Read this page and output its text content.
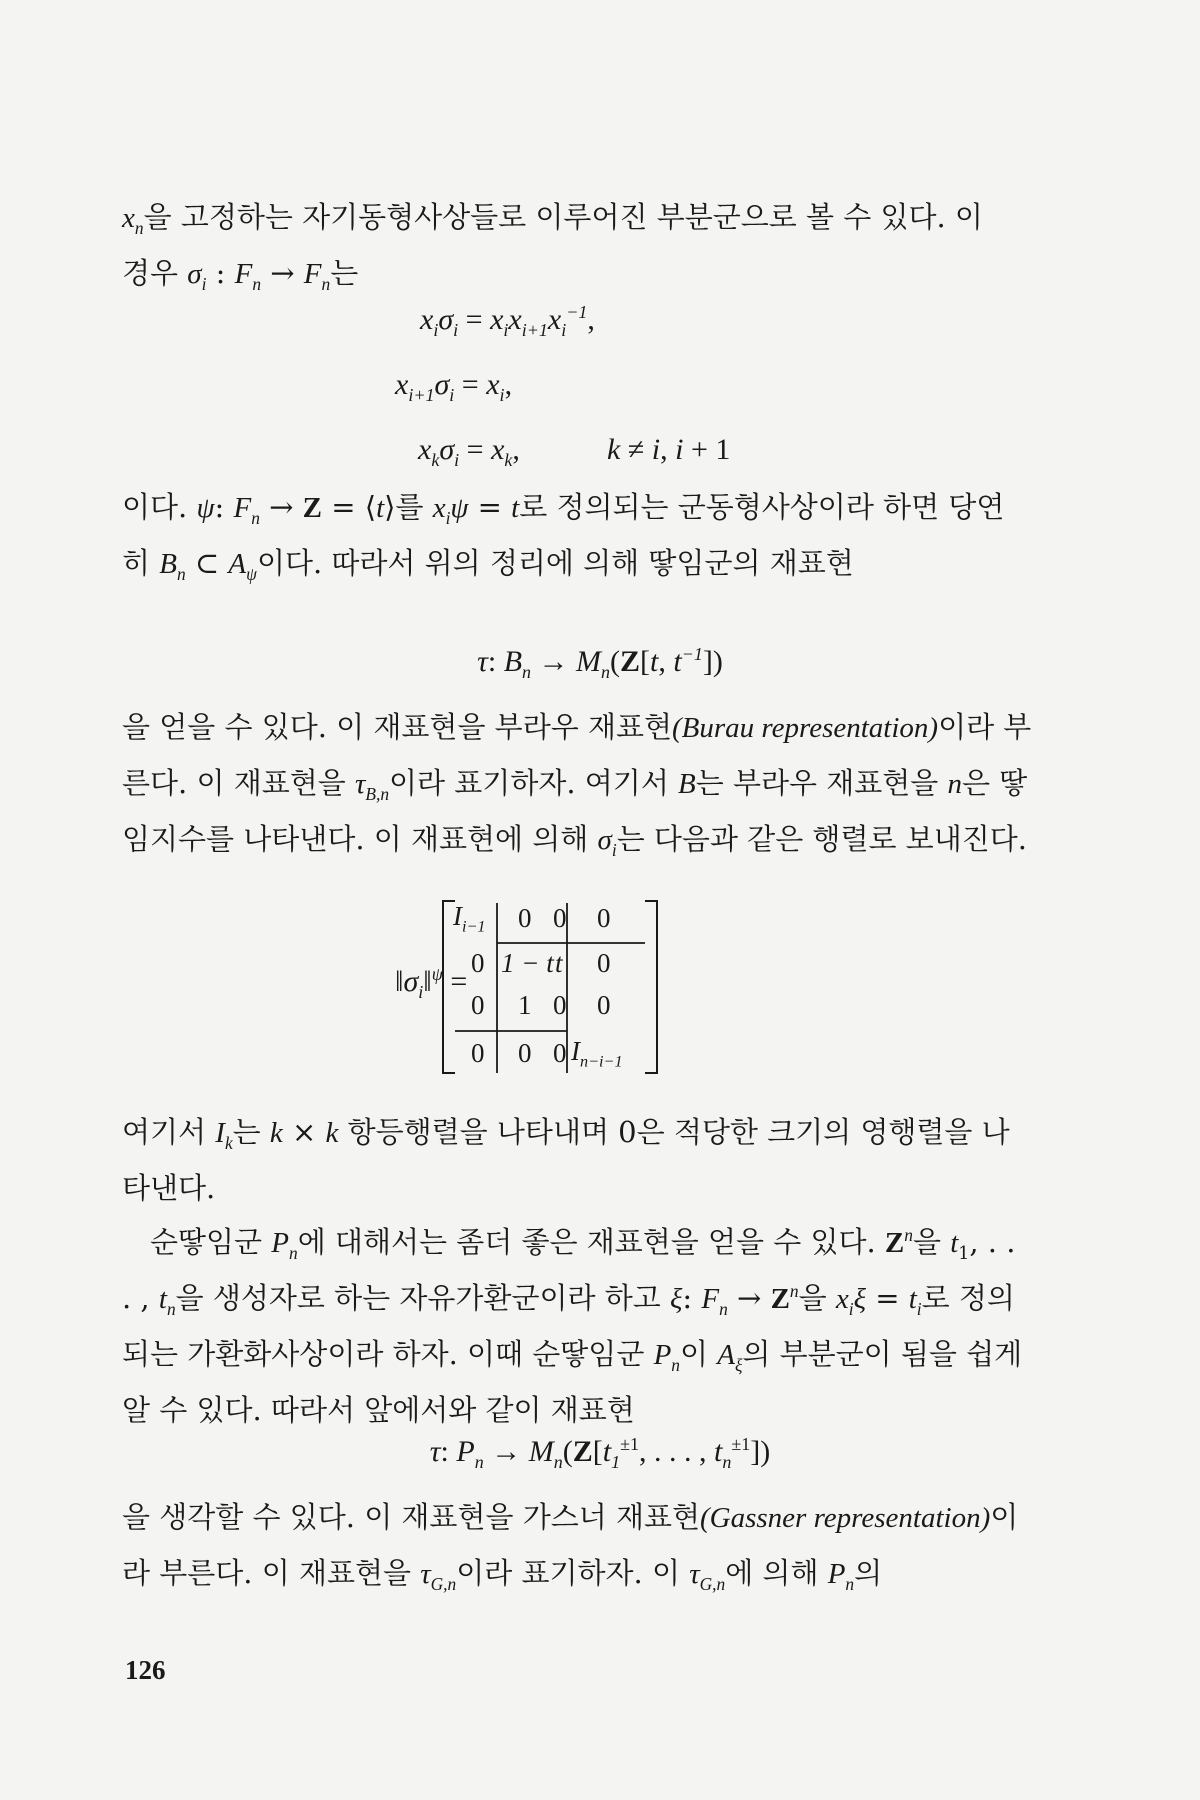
$x_n$을 고정하는 자기동형사상들로 이루어진 부분군으로 볼 수 있다. 이
경우 $\sigma_i$ : $F_n \to F_n$는

$x_i\sigma_i = x_ix_{i+1}x_i^{-1}$,
$x_{i+1}\sigma_i = x_i$,
$x_k\sigma_i = x_k$,	k ≠ i, i + 1

이다. ψ: $F_n \to Z$ = ⟨t⟩를 $x_i\psi = t$로 정의되는 군동형사상이라 하면 당연히 $B_n$ ⊂ $A_\psi$이다. 따라서 위의 정리에 의해 땋임군의 재표현

τ: $B_n \to M_n(Z[t$, $t^{-1}$])

을 얻을 수 있다. 이 재표현을 부라우 재표현(Burau representation)이라 부른다. 이 재표현을 $\tau_{B,n}$이라 표기하자. 여기서 B는 부라우 재표현을 n은 땋임지수를 나타낸다. 이 재표현에 의해 $\sigma_i$는 다음과 같은 행렬로 보내진다.

$‖\sigma_i‖^\psi$ =
$I_{i-1}$ 0 0 0
0 1 − t t 0
0 1 0 0
0 0 0 $I_{n-i-1}$

여기서 $I_k$는 k × k 항등행렬을 나타내며 0은 적당한 크기의 영행렬을 나타낸다.

순땋임군 $P_n$에 대해서는 좀더 좋은 재표현을 얻을 수 있다. $Z^n$을 $t_1$, . . . , $t_n$을 생성자로 하는 자유가환군이라 하고 ξ: $F_n \to Z^n$을 $x_i\xi = t_i$로 정의되는 가환화사상이라 하자. 이때 순땋임군 $P_n$이 $A_\xi$의 부분군이 됨을 쉽게 알 수 있다. 따라서 앞에서와 같이 재표현

τ: $P_n \to M_n(Z[t_1^{\pm 1}$, . . . , $t_n^{\pm 1}$])

을 생각할 수 있다. 이 재표현을 가스너 재표현(Gassner representation)이라 부른다. 이 재표현을 $\tau_{G,n}$이라 표기하자. 이 $\tau_{G,n}$에 의해 $P_n$의

126
